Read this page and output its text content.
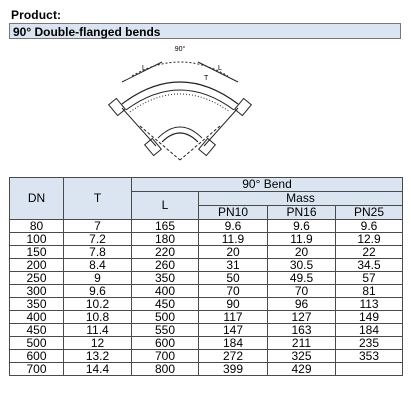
Product:
90° Double-flanged bends
90°
L	L
T
DN	T	90° Bend			
		L	Mass		
			PN10	PN16	PN25
80	7	165	9.6	9.6	9.6
100	7.2	180	11.9	11.9	12.9
150	7.8	220	20	20	22
200	8.4	260	31	30.5	34.5
250	9	350	50	49.5	57
300	9.6	400	70	70	81
350	10.2	450	90	96	113
400	10.8	500	117	127	149
450	11.4	550	147	163	184
500	12	600	184	211	235
600	13.2	700	272	325	353
700	14.4	800	399	429	
